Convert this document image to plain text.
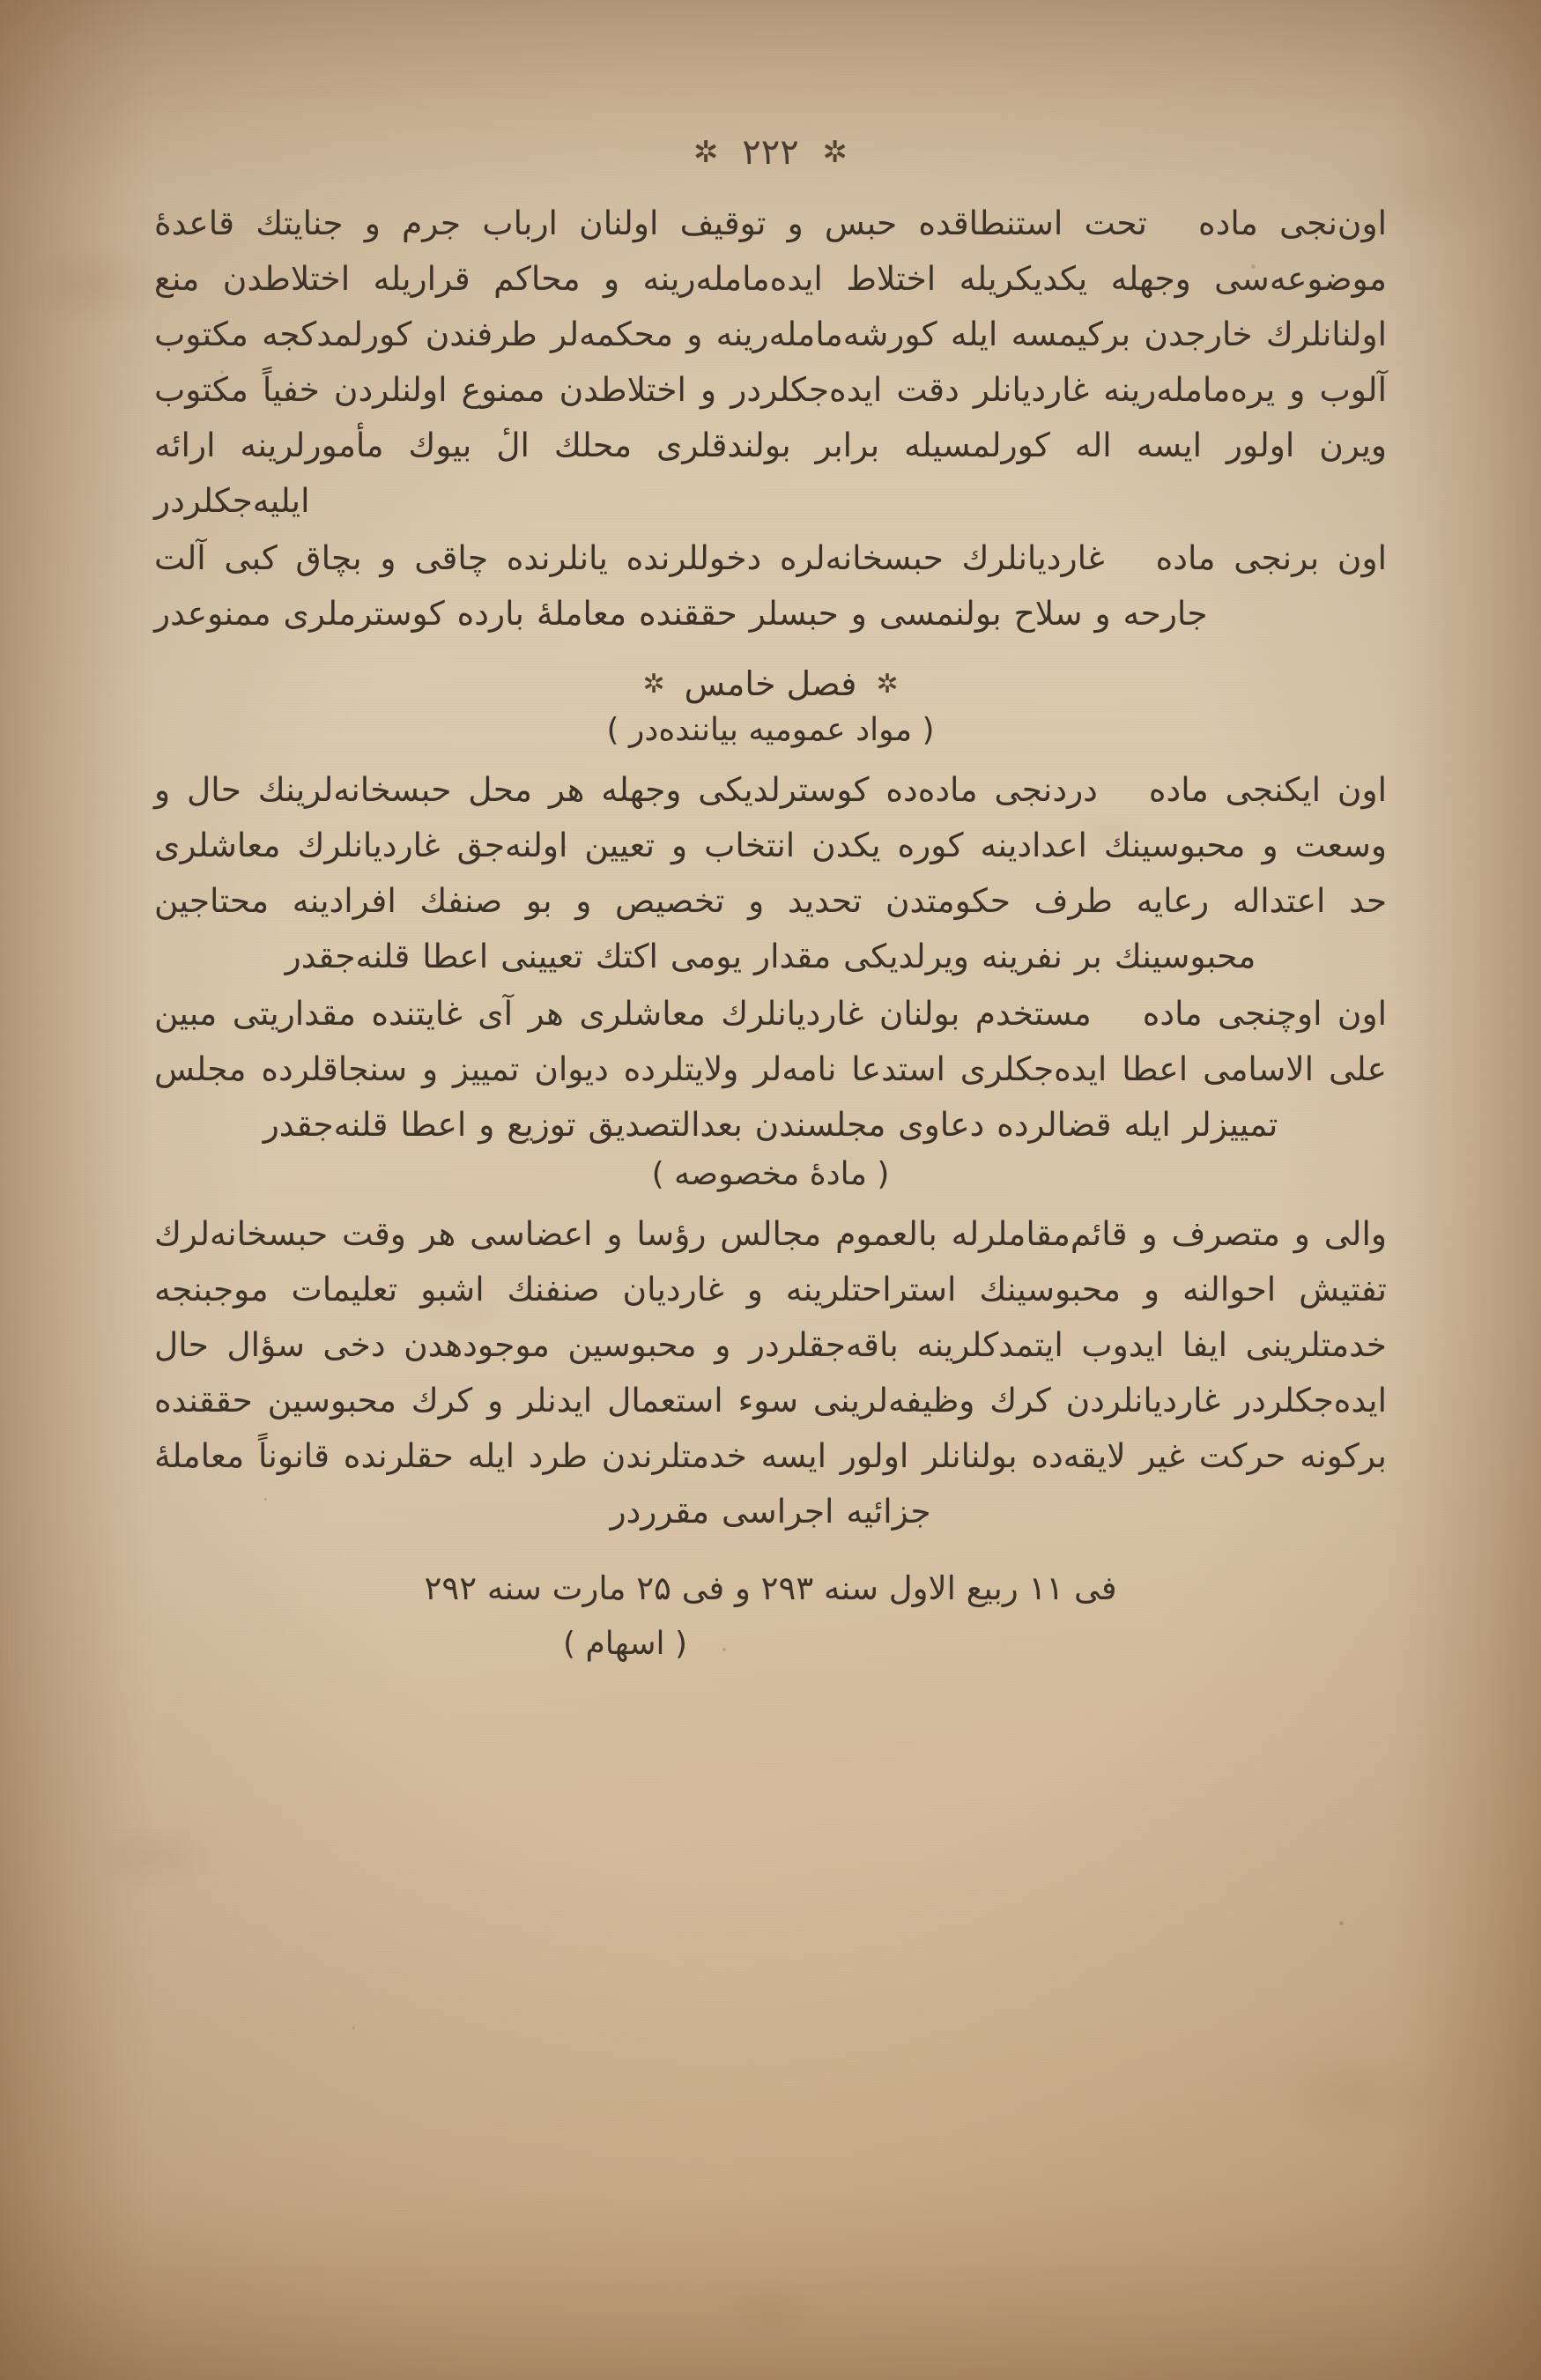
✲ ٢٢٢ ✲

اون‌نجی مادهتحت استنطاقده حبس و توقیف اولنان ارباب جرم و جنایتك قاعدهٔ موضوعه‌سی وجهله یكدیكریله اختلاط ایده‌مامله‌رینه و محاكم قراریله اختلاطدن منع اولنانلرك خارجدن بركیمسه ایله كورشه‌مامله‌رینه و محكمه‌لر طرفندن كورلمدكجه مكتوب آلوب و یره‌مامله‌رینه غاردیانلر دقت ایده‌جكلردر و اختلاطدن ممنوع اولنلردن خفیاً مكتوب ویرن اولور ایسه اله كورلمسیله برابر بولندقلری محلك الٔ بیوك مأمورلرینه ارائه ایلیه‌جكلردر

اون برنجی مادهغاردیانلرك حبسخانه‌لره دخوللرنده یانلرنده چاقی و بچاق كبی آلت جارحه و سلاح بولنمسی و حبسلر حققنده معاملهٔ بارده كوسترملری ممنوعدر

✲فصل خامس✲
( مواد عمومیه بیاننده‌در )

اون ایكنجی مادهدردنجی ماده‌ده كوسترلدیكی وجهله هر محل حبسخانه‌لرینك حال و وسعت و محبوسینك اعدادینه كوره یكدن انتخاب و تعیین اولنه‌جق غاردیانلرك معاشلری حد اعتداله رعایه طرف حكومتدن تحدید و تخصیص و بو صنفك افرادینه محتاجین محبوسینك بر نفرینه ویرلدیكی مقدار یومی اكتك تعیینی اعطا قلنه‌جقدر

اون اوچنجی مادهمستخدم بولنان غاردیانلرك معاشلری هر آی غایتنده مقداریتی مبین علی الاسامی اعطا ایده‌جكلری استدعا نامه‌لر ولایتلرده دیوان تمییز و سنجاقلرده مجلس تمییزلر ایله قضالرده دعاوی مجلسندن بعدالتصدیق توزیع و اعطا قلنه‌جقدر

( مادهٔ مخصوصه )

والی و متصرف و قائم‌مقاملرله بالعموم مجالس رؤسا و اعضاسی هر وقت حبسخانه‌لرك تفتیش احوالنه و محبوسینك استراحتلرینه و غاردیان صنفنك اشبو تعلیمات موجبنجه خدمتلرینی ایفا ایدوب ایتمدكلرینه باقه‌جقلردر و محبوسین موجودهدن دخی سؤال حال ایده‌جكلردر غاردیانلردن كرك وظیفه‌لرینی سوء استعمال ایدنلر و كرك محبوسین حققنده بركونه حركت غیر لایقه‌ده بولنانلر اولور ایسه خدمتلرندن طرد ایله حقلرنده قانوناً معاملهٔ جزائیه اجراسی مقرردر

فی ۱۱ ربیع الاول سنه ۲۹۳ و فی ۲۵ مارت سنه ۲۹۲
( اسهام )
